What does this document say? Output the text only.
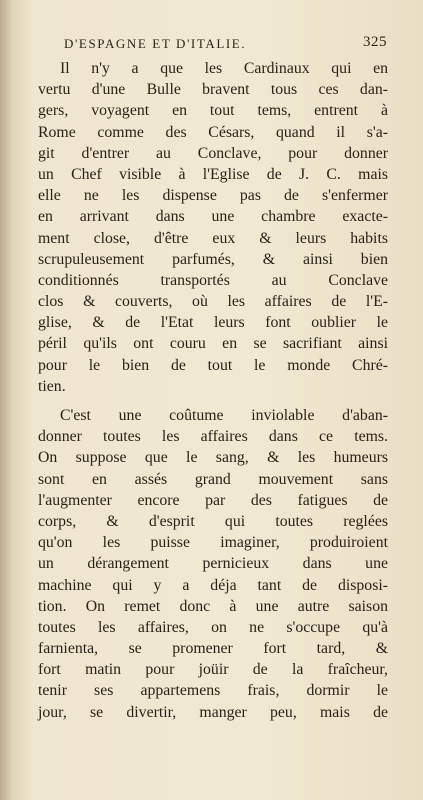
D'ESPAGNE ET D'ITALIE.	325
Il n'y a que les Cardinaux qui en
vertu d'une Bulle bravent tous ces dan-
gers, voyagent en tout tems, entrent à
Rome comme des Césars, quand il s'a-
git d'entrer au Conclave, pour donner
un Chef visible à l'Eglise de J. C. mais
elle ne les dispense pas de s'enfermer
en arrivant dans une chambre exacte-
ment close, d'être eux & leurs habits
scrupuleusement parfumés, & ainsi bien
conditionnés transportés au Conclave
clos & couverts, où les affaires de l'E-
glise, & de l'Etat leurs font oublier le
péril qu'ils ont couru en se sacrifiant ainsi
pour le bien de tout le monde Chré-
tien.
C'est une coûtume inviolable d'aban-
donner toutes les affaires dans ce tems.
On suppose que le sang, & les humeurs
sont en assés grand mouvement sans
l'augmenter encore par des fatigues de
corps, & d'esprit qui toutes reglées
qu'on les puisse imaginer, produiroient
un dérangement pernicieux dans une
machine qui y a déja tant de disposi-
tion. On remet donc à une autre saison
toutes les affaires, on ne s'occupe qu'à
farnienta, se promener fort tard, &
fort matin pour joüir de la fraîcheur,
tenir ses appartemens frais, dormir le
jour, se divertir, manger peu, mais de
